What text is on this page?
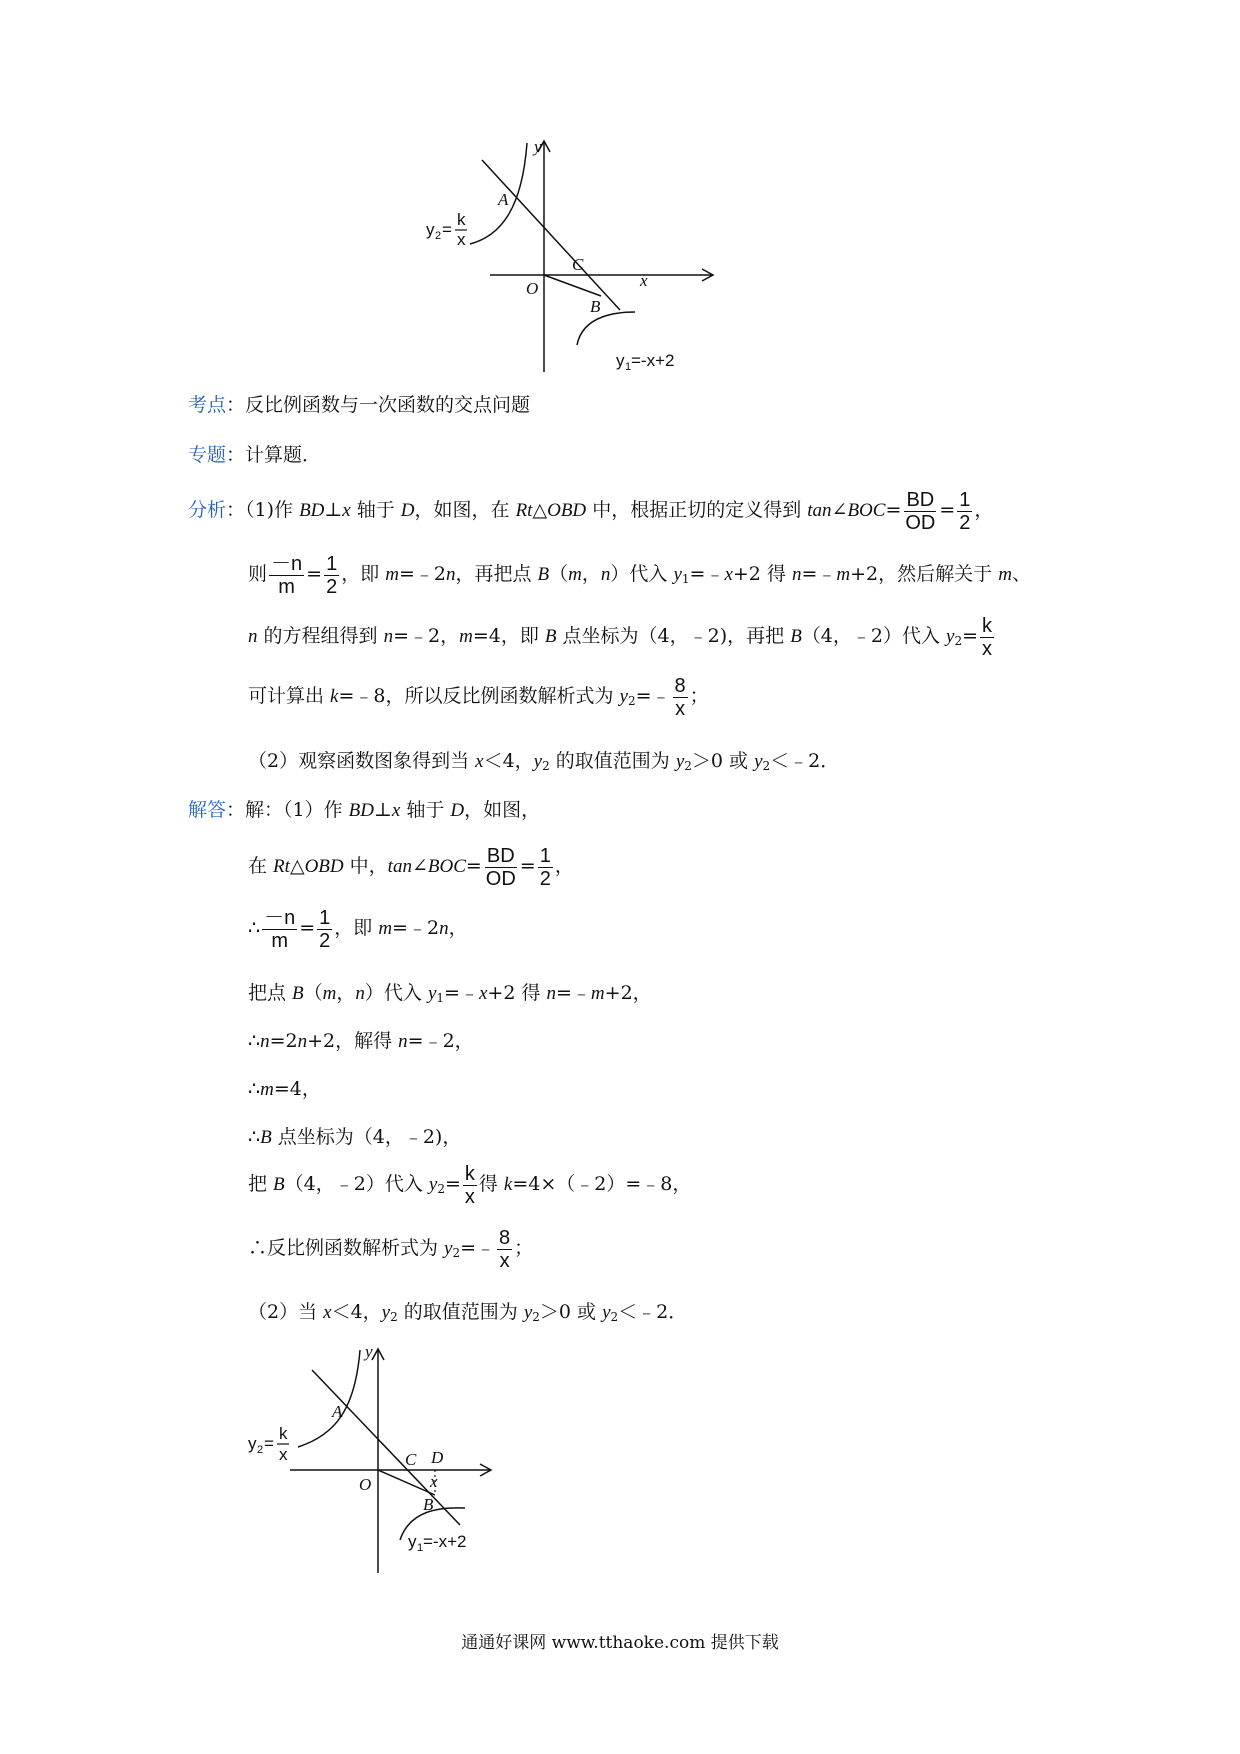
y
x
O
A
C
B
y 2 =
k
x
y 1 =-x+2
考点：反比例函数与一次函数的交点问题
专题：计算题．
分析：（1)作 BD⊥x 轴于 D，如图，在 Rt△OBD 中，根据正切的定义得到 tan∠BOC= $\frac{BD}{OD} = \frac{1}{2}$ ，
则 $\frac{-n}{m} = \frac{1}{2}$ ，即 m=﹣2n，再把点 B（m，n）代入 $y_1=﹣x+2$ 得 n=﹣m+2，然后解关于 m、
n 的方程组得到 n=﹣2，m=4，即 B 点坐标为（4，﹣2)，再把 B（4，﹣2）代入 $y_2= \frac{k}{x}$
可计算出 k=﹣8，所以反比例函数解析式为 $y_2=﹣ \frac{8}{x}$ ；
（2）观察函数图象得到当 x＜4，$y_2$ 的取值范围为 $y_2>0$ 或 $y_2<﹣2$．
解答：解：（1）作 BD⊥x 轴于 D，如图，
在 Rt△OBD 中，tan∠BOC= $\frac{BD}{OD} = \frac{1}{2}$ ，
∴ $\frac{-n}{m} = \frac{1}{2}$ ，即 m=﹣2n，
把点 B（m，n）代入 $y_1=﹣x+2$ 得 n=﹣m+2，
∴n=2n+2，解得 n=﹣2，
∴m=4，
∴B 点坐标为（4，﹣2)，
把 B（4，﹣2）代入 $y_2= \frac{k}{x}$ 得 k=4×（﹣2）=﹣8，
∴反比例函数解析式为 $y_2=﹣ \frac{8}{x}$ ；
（2）当 x＜4，$y_2$ 的取值范围为 $y_2>0$ 或 $y_2<﹣2$．
y
x
O
A
C D
B
y 2 =
k
x
y 1 =-x+2
通通好课网 www.tthaoke.com 提供下载
